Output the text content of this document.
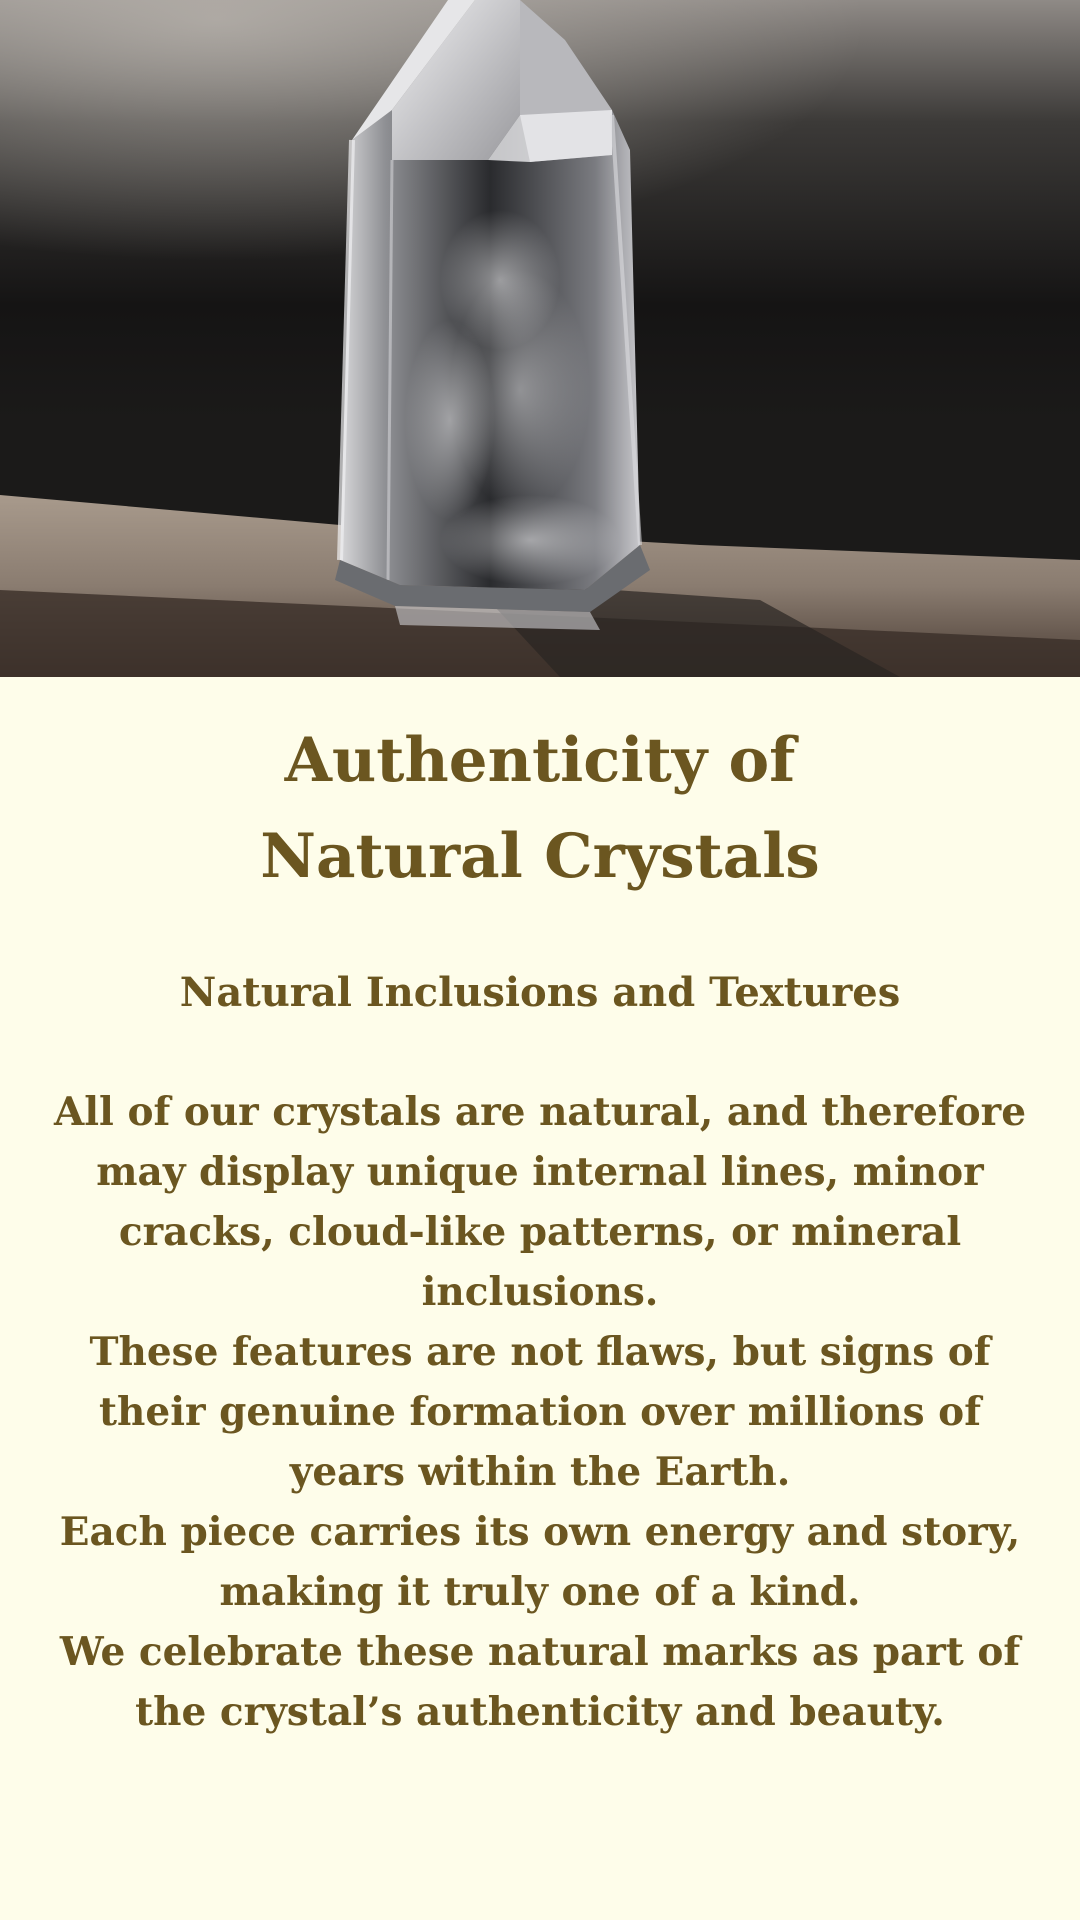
Authenticity of
Natural Crystals
Natural Inclusions and Textures

All of our crystals are natural, and therefore may display unique internal lines, minor cracks, cloud-like patterns, or mineral inclusions.

These features are not flaws, but signs of their genuine formation over millions of years within the Earth.

Each piece carries its own energy and story, making it truly one of a kind.

We celebrate these natural marks as part of the crystal’s authenticity and beauty.
